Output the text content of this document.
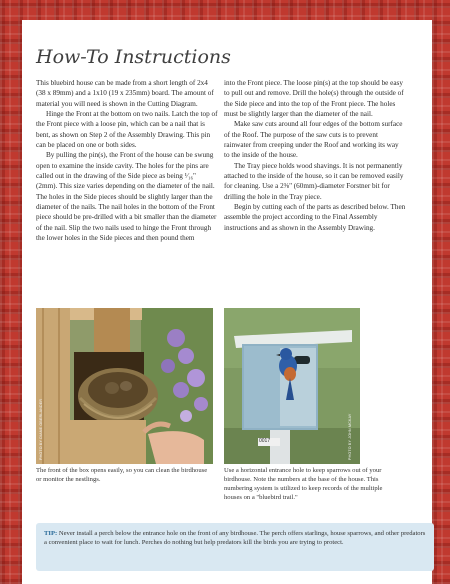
How-To Instructions

This bluebird house can be made from a short length of 2x4 (38 x 89mm) and a 1x10 (19 x 235mm) board. The amount of material you will need is shown in the Cutting Diagram.

Hinge the Front at the bottom on two nails. Latch the top of the Front piece with a loose pin, which can be a nail that is bent, as shown on Step 2 of the Assembly Drawing. This pin can be placed on one or both sides.

By pulling the pin(s), the Front of the house can be swung open to examine the inside cavity. The holes for the pins are called out in the drawing of the Side piece as being ¹⁄₁₆" (2mm). This size varies depending on the diameter of the nail. The holes in the Side pieces should be slightly larger than the diameter of the nails. The nail holes in the bottom of the Front piece should be pre-drilled with a bit smaller than the diameter of the nail. Slip the two nails used to hinge the Front through the lower holes in the Side pieces and then pound them

into the Front piece. The loose pin(s) at the top should be easy to pull out and remove. Drill the hole(s) through the outside of the Side piece and into the top of the Front piece. The holes must be slightly larger than the diameter of the nail.

Make saw cuts around all four edges of the bottom surface of the Roof. The purpose of the saw cuts is to prevent rainwater from creeping under the Roof and working its way to the inside of the house.

The Tray piece holds wood shavings. It is not permanently attached to the inside of the house, so it can be removed easily for cleaning. Use a 2⅜" (60mm)-diameter Forstner bit for drilling the hole in the Tray piece.

Begin by cutting each of the parts as described below. Then assemble the project according to the Final Assembly instructions and as shown in the Assembly Drawing.

PHOTO BY DIANE OBERLANDER	PHOTO BY JOHN MCKAY
0017

The front of the box opens easily, so you can clean the birdhouse or monitor the nestlings.

Use a horizontal entrance hole to keep sparrows out of your birdhouse. Note the numbers at the base of the house. This numbering system is utilized to keep records of the multiple houses on a "bluebird trail."

TIP: Never install a perch below the entrance hole on the front of any birdhouse. The perch offers starlings, house sparrows, and other predators a convenient place to wait for lunch. Perches do nothing but help predators kill the birds you are trying to protect.
